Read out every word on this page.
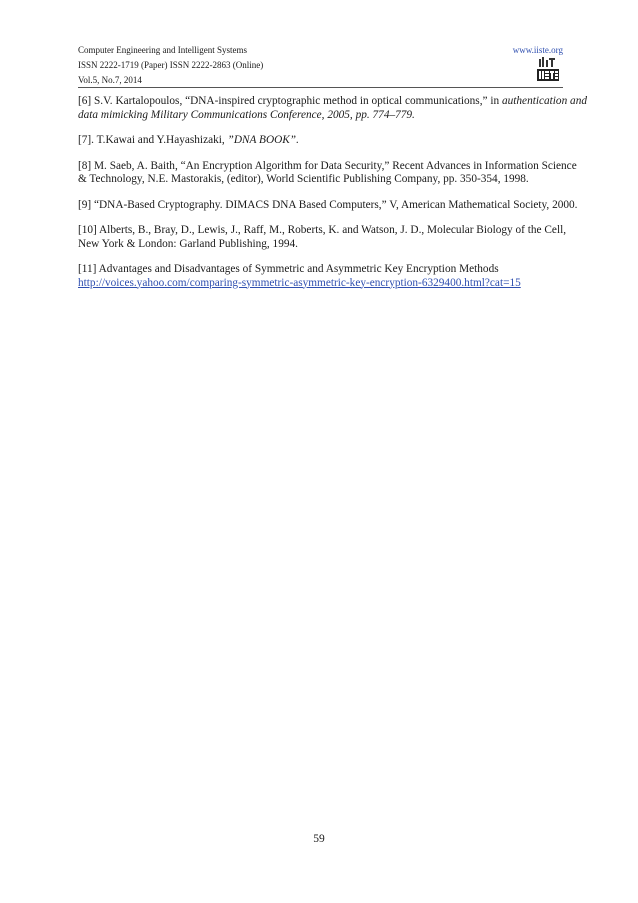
Computer Engineering and Intelligent Systems
ISSN 2222-1719 (Paper) ISSN 2222-2863 (Online)
Vol.5, No.7, 2014
www.iiste.org

[6] S.V. Kartalopoulos, “DNA-inspired cryptographic method in optical communications,” in authentication and
data mimicking Military Communications Conference, 2005, pp. 774–779.

[7]. T.Kawai and Y.Hayashizaki, ”DNA BOOK”.

[8] M. Saeb, A. Baith, “An Encryption Algorithm for Data Security,” Recent Advances in Information Science
& Technology, N.E. Mastorakis, (editor), World Scientific Publishing Company, pp. 350-354, 1998.

[9] “DNA-Based Cryptography. DIMACS DNA Based Computers,” V, American Mathematical Society, 2000.

[10] Alberts, B., Bray, D., Lewis, J., Raff, M., Roberts, K. and Watson, J. D., Molecular Biology of the Cell,
New York & London: Garland Publishing, 1994.

[11] Advantages and Disadvantages of Symmetric and Asymmetric Key Encryption Methods
http://voices.yahoo.com/comparing-symmetric-asymmetric-key-encryption-6329400.html?cat=15

59
